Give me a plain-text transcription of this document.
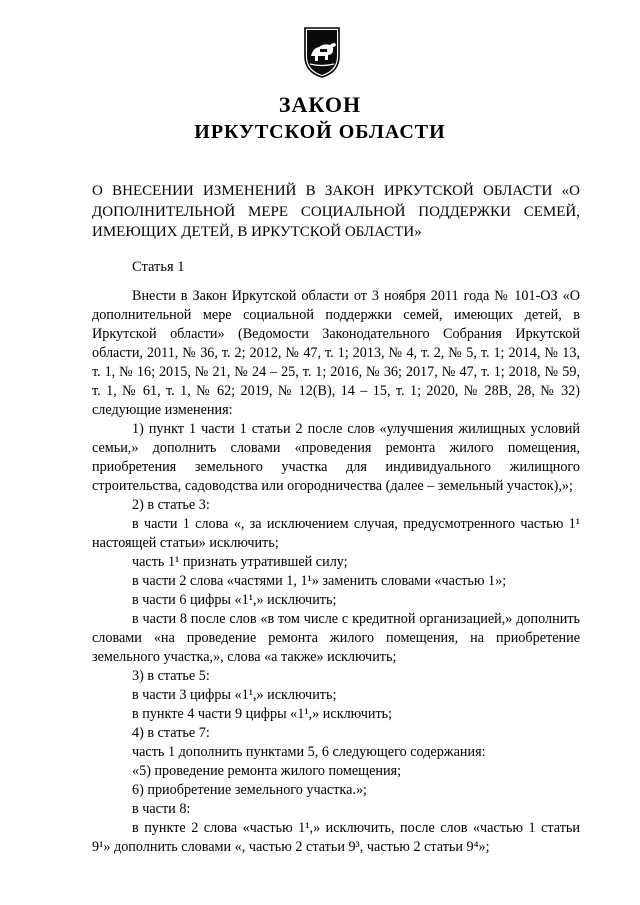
ЗАКОН
ИРКУТСКОЙ ОБЛАСТИ

О ВНЕСЕНИИ ИЗМЕНЕНИЙ В ЗАКОН ИРКУТСКОЙ ОБЛАСТИ «О ДОПОЛНИТЕЛЬНОЙ МЕРЕ СОЦИАЛЬНОЙ ПОДДЕРЖКИ СЕМЕЙ, ИМЕЮЩИХ ДЕТЕЙ, В ИРКУТСКОЙ ОБЛАСТИ»

Статья 1

Внести в Закон Иркутской области от 3 ноября 2011 года № 101-ОЗ «О дополнительной мере социальной поддержки семей, имеющих детей, в Иркутской области» (Ведомости Законодательного Собрания Иркутской области, 2011, № 36, т. 2; 2012, № 47, т. 1; 2013, № 4, т. 2, № 5, т. 1; 2014, № 13, т. 1, № 16; 2015, № 21, № 24 – 25, т. 1; 2016, № 36; 2017, № 47, т. 1; 2018, № 59, т. 1, № 61, т. 1, № 62; 2019, № 12(В), 14 – 15, т. 1; 2020, № 28В, 28, № 32) следующие изменения:

1) пункт 1 части 1 статьи 2 после слов «улучшения жилищных условий семьи,» дополнить словами «проведения ремонта жилого помещения, приобретения земельного участка для индивидуального жилищного строительства, садоводства или огородничества (далее – земельный участок),»;

2) в статье 3:

в части 1 слова «, за исключением случая, предусмотренного частью 1¹ настоящей статьи» исключить;

часть 1¹ признать утратившей силу;

в части 2 слова «частями 1, 1¹» заменить словами «частью 1»;

в части 6 цифры «1¹,» исключить;

в части 8 после слов «в том числе с кредитной организацией,» дополнить словами «на проведение ремонта жилого помещения, на приобретение земельного участка,», слова «а также» исключить;

3) в статье 5:

в части 3 цифры «1¹,» исключить;

в пункте 4 части 9 цифры «1¹,» исключить;

4) в статье 7:

часть 1 дополнить пунктами 5, 6 следующего содержания:

«5) проведение ремонта жилого помещения;

6) приобретение земельного участка.»;

в части 8:

в пункте 2 слова «частью 1¹,» исключить, после слов «частью 1 статьи 9¹» дополнить словами «, частью 2 статьи 9³, частью 2 статьи 9⁴»;
